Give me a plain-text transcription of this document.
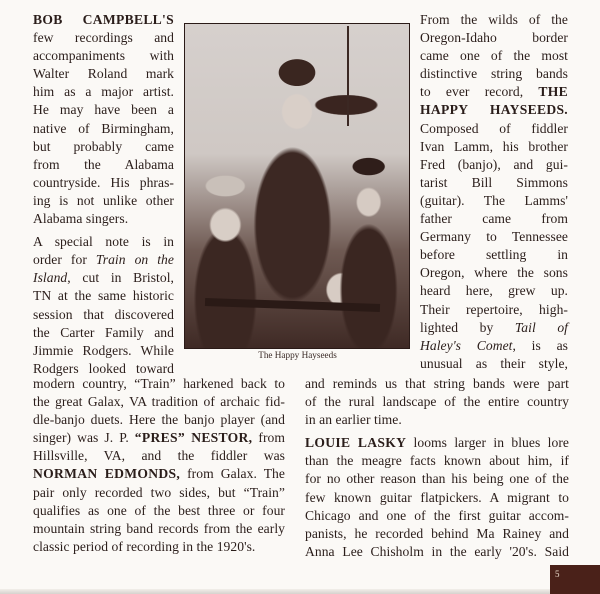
The Happy Hayseeds
BOB CAMPBELL'S
few recordings and
accompaniments with
Walter Roland mark
him as a major artist.
He may have been a
native of Birmingham,
but probably came
from the Alabama
countryside. His phras-
ing is not unlike other
Alabama singers.
A special note is in
order for Train on the
Island, cut in Bristol,
TN at the same historic
session that discovered
the Carter Family and
Jimmie Rodgers. While
Rodgers looked toward
From the wilds of the
Oregon-Idaho border
came one of the most
distinctive string bands
to ever record, THE
HAPPY HAYSEEDS.
Composed of fiddler
Ivan Lamm, his brother
Fred (banjo), and gui-
tarist Bill Simmons
(guitar). The Lamms'
father came from
Germany to Tennessee
before settling in
Oregon, where the sons
heard here, grew up.
Their repertoire, high-
lighted by Tail of
Haley's Comet, is as
unusual as their style,
modern country, “Train” harkened back to
the great Galax, VA tradition of archaic fid-
dle-banjo duets. Here the banjo player (and
singer) was J. P. “PRES” NESTOR, from
Hillsville, VA, and the fiddler was
NORMAN EDMONDS, from Galax. The
pair only recorded two sides, but “Train”
qualifies as one of the best three or four
mountain string band records from the early
classic period of recording in the 1920's.
and reminds us that string bands were part
of the rural landscape of the entire country
in an earlier time.
LOUIE LASKY looms larger in blues lore
than the meagre facts known about him, if
for no other reason than his being one of the
few known guitar flatpickers. A migrant to
Chicago and one of the first guitar accom-
panists, he recorded behind Ma Rainey and
Anna Lee Chisholm in the early '20's. Said
5
